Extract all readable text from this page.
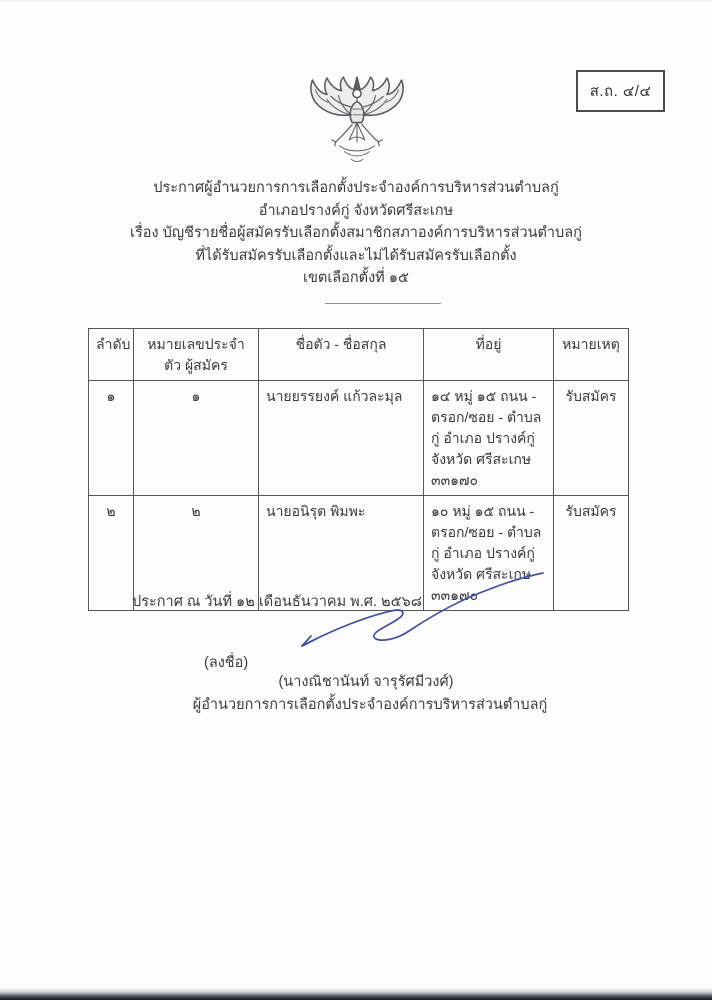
ส.ถ. ๔/๔
ประกาศผู้อำนวยการการเลือกตั้งประจำองค์การบริหารส่วนตำบลกู่
อำเภอปรางค์กู่ จังหวัดศรีสะเกษ
เรื่อง บัญชีรายชื่อผู้สมัครรับเลือกตั้งสมาชิกสภาองค์การบริหารส่วนตำบลกู่
ที่ได้รับสมัครรับเลือกตั้งและไม่ได้รับสมัครรับเลือกตั้ง
เขตเลือกตั้งที่ ๑๕
ลำดับ	หมายเลขประจำตัว ผู้สมัคร	ชื่อตัว - ชื่อสกุล	ที่อยู่	หมายเหตุ
๑	๑	นายยรรยงค์ แก้วละมุล	๑๔ หมู่ ๑๕ ถนน - ตรอก/ซอย - ตำบล กู่ อำเภอ ปรางค์กู่ จังหวัด ศรีสะเกษ ๓๓๑๗๐	รับสมัคร
๒	๒	นายอนิรุต พิมพะ	๑๐ หมู่ ๑๕ ถนน - ตรอก/ซอย - ตำบล กู่ อำเภอ ปรางค์กู่ จังหวัด ศรีสะเกษ ๓๓๑๗๐	รับสมัคร
ประกาศ ณ วันที่ ๑๒ เดือนธันวาคม พ.ศ. ๒๕๖๘
(ลงชื่อ)
(นางณิชานันท์ จารุรัศมีวงศ์)
ผู้อำนวยการการเลือกตั้งประจำองค์การบริหารส่วนตำบลกู่
